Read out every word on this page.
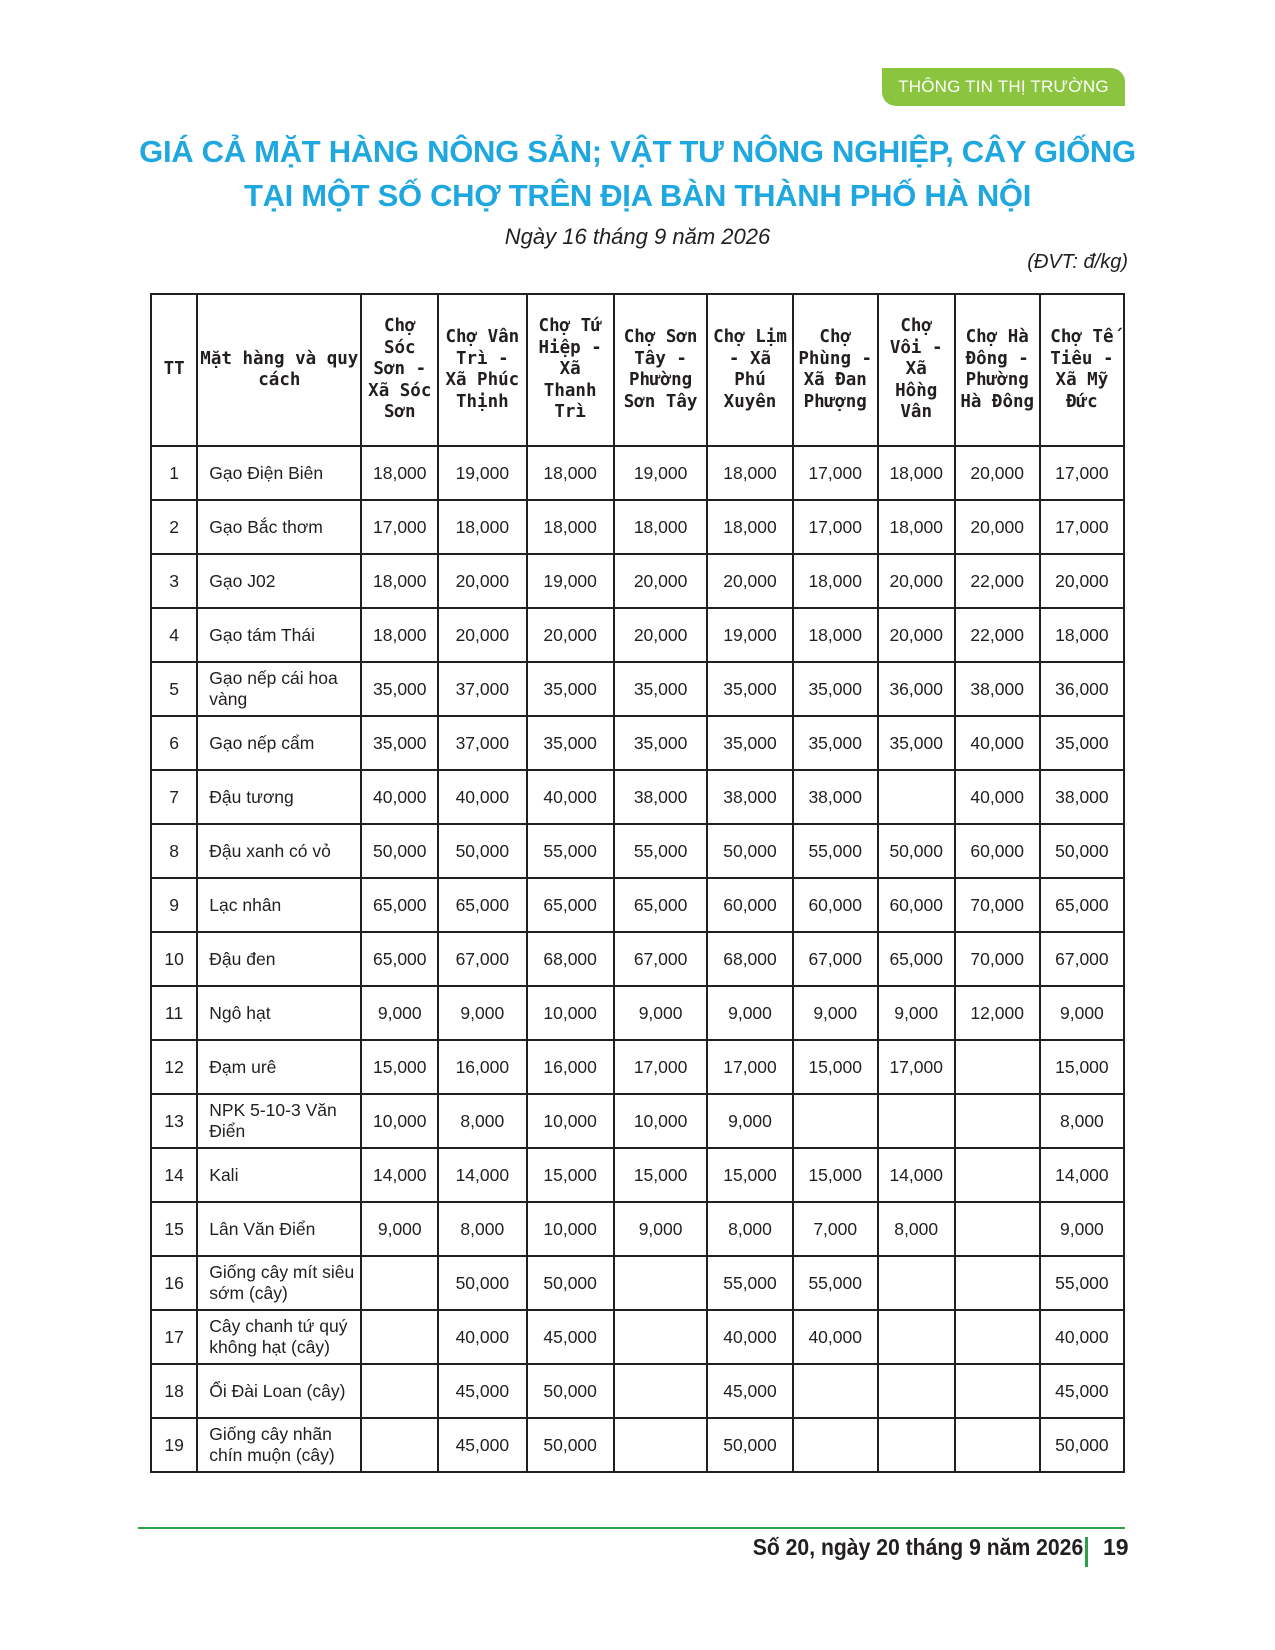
THÔNG TIN THỊ TRƯỜNG
GIÁ CẢ MẶT HÀNG NÔNG SẢN; VẬT TƯ NÔNG NGHIỆP, CÂY GIỐNG
TẠI MỘT SỐ CHỢ TRÊN ĐỊA BÀN THÀNH PHỐ HÀ NỘI
Ngày 16 tháng 9 năm 2026
(ĐVT: đ/kg)
TT	Mặt hàng và quy cách	Chợ Sóc Sơn - Xã Sóc Sơn	Chợ Vân Trì - Xã Phúc Thịnh	Chợ Tứ Hiệp - Xã Thanh Trì	Chợ Sơn Tây - Phường Sơn Tây	Chợ Lịm - Xã Phú Xuyên	Chợ Phùng - Xã Đan Phượng	Chợ Vôi - Xã Hồng Vân	Chợ Hà Đông - Phường Hà Đông	Chợ Tế Tiêu - Xã Mỹ Đức
1	Gạo Điện Biên	18,000	19,000	18,000	19,000	18,000	17,000	18,000	20,000	17,000
2	Gạo Bắc thơm	17,000	18,000	18,000	18,000	18,000	17,000	18,000	20,000	17,000
3	Gạo J02	18,000	20,000	19,000	20,000	20,000	18,000	20,000	22,000	20,000
4	Gạo tám Thái	18,000	20,000	20,000	20,000	19,000	18,000	20,000	22,000	18,000
5	Gạo nếp cái hoa vàng	35,000	37,000	35,000	35,000	35,000	35,000	36,000	38,000	36,000
6	Gạo nếp cẩm	35,000	37,000	35,000	35,000	35,000	35,000	35,000	40,000	35,000
7	Đậu tương	40,000	40,000	40,000	38,000	38,000	38,000		40,000	38,000
8	Đậu xanh có vỏ	50,000	50,000	55,000	55,000	50,000	55,000	50,000	60,000	50,000
9	Lạc nhân	65,000	65,000	65,000	65,000	60,000	60,000	60,000	70,000	65,000
10	Đậu đen	65,000	67,000	68,000	67,000	68,000	67,000	65,000	70,000	67,000
11	Ngô hạt	9,000	9,000	10,000	9,000	9,000	9,000	9,000	12,000	9,000
12	Đạm urê	15,000	16,000	16,000	17,000	17,000	15,000	17,000		15,000
13	NPK 5-10-3 Văn Điển	10,000	8,000	10,000	10,000	9,000				8,000
14	Kali	14,000	14,000	15,000	15,000	15,000	15,000	14,000		14,000
15	Lân Văn Điển	9,000	8,000	10,000	9,000	8,000	7,000	8,000		9,000
16	Giống cây mít siêu sớm (cây)		50,000	50,000		55,000	55,000			55,000
17	Cây chanh tứ quý không hạt (cây)		40,000	45,000		40,000	40,000			40,000
18	Ổi Đài Loan (cây)		45,000	50,000		45,000				45,000
19	Giống cây nhãn chín muộn (cây)		45,000	50,000		50,000				50,000
Số 20, ngày 20 tháng 9 năm 2026 19
